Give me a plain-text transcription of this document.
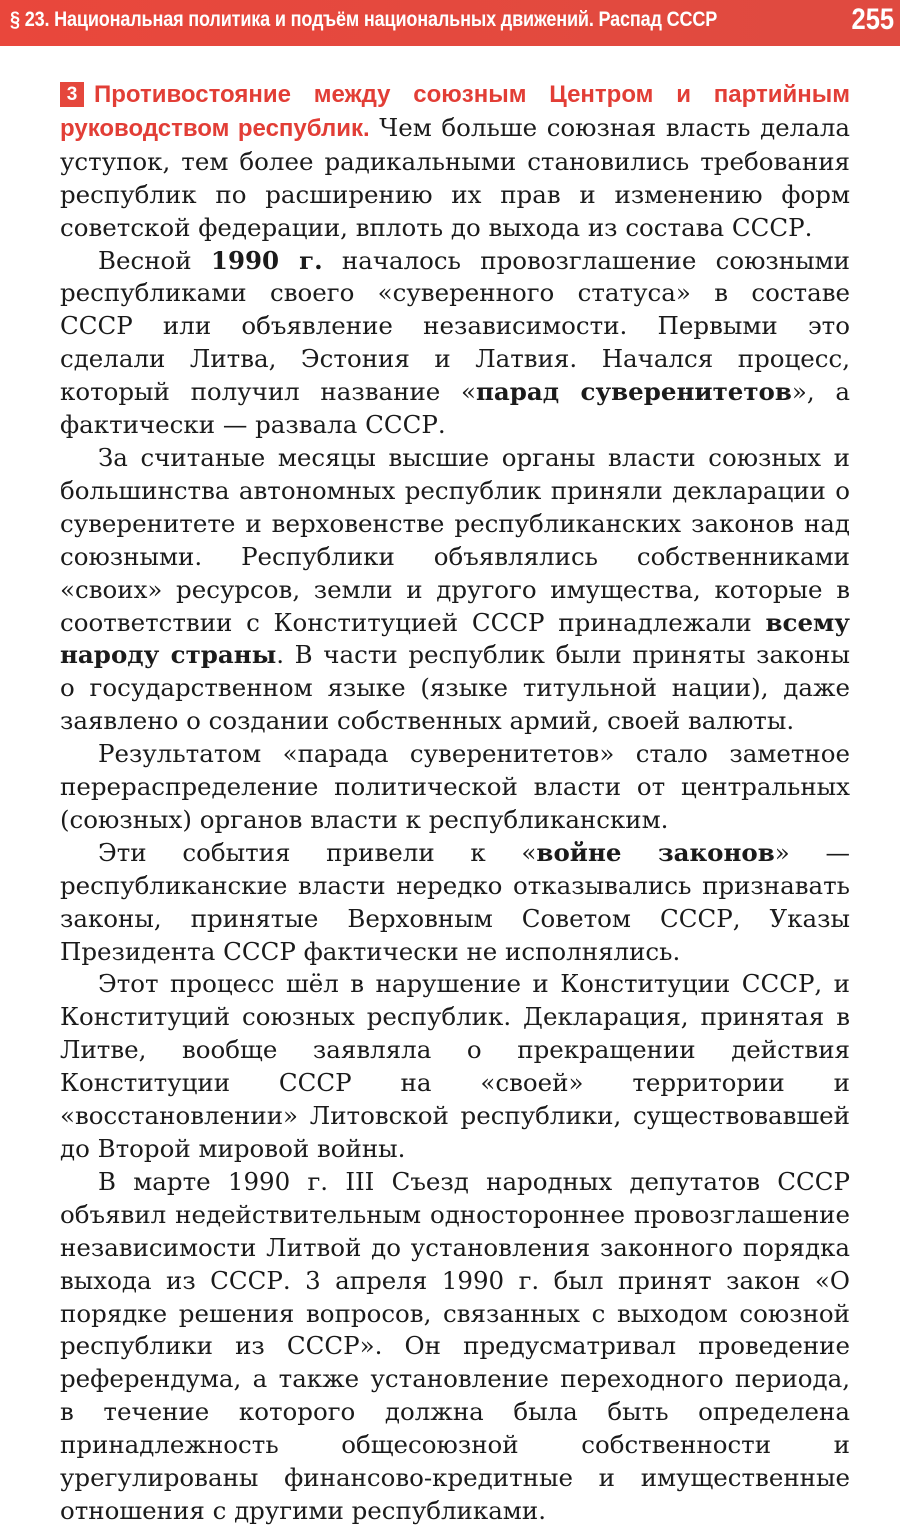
§ 23. Национальная политика и подъём национальных движений. Распад СССР	255

3 Противостояние между союзным Центром и партийным руководством республик. Чем больше союзная власть делала уступок, тем более радикальными становились требования республик по расширению их прав и изменению форм советской федерации, вплоть до выхода из состава СССР.

Весной 1990 г. началось провозглашение союзными республиками своего «суверенного статуса» в составе СССР или объявление независимости. Первыми это сделали Литва, Эстония и Латвия. Начался процесс, который получил название «парад суверенитетов», а фактически — развала СССР.

За считаные месяцы высшие органы власти союзных и большинства автономных республик приняли декларации о суверенитете и верховенстве республиканских законов над союзными. Республики объявлялись собственниками «своих» ресурсов, земли и другого имущества, которые в соответствии с Конституцией СССР принадлежали всему народу страны. В части республик были приняты законы о государственном языке (языке титульной нации), даже заявлено о создании собственных армий, своей валюты.

Результатом «парада суверенитетов» стало заметное перераспределение политической власти от центральных (союзных) органов власти к республиканским.

Эти события привели к «войне законов» — республиканские власти нередко отказывались признавать законы, принятые Верховным Советом СССР, Указы Президента СССР фактически не исполнялись.

Этот процесс шёл в нарушение и Конституции СССР, и Конституций союзных республик. Декларация, принятая в Литве, вообще заявляла о прекращении действия Конституции СССР на «своей» территории и «восстановлении» Литовской республики, существовавшей до Второй мировой войны.

В марте 1990 г. III Съезд народных депутатов СССР объявил недействительным одностороннее провозглашение независимости Литвой до установления законного порядка выхода из СССР. 3 апреля 1990 г. был принят закон «О порядке решения вопросов, связанных с выходом союзной республики из СССР». Он предусматривал проведение референдума, а также установление переходного периода, в течение которого должна была быть определена принадлежность общесоюзной собственности и урегулированы финансово-кредитные и имущественные отношения с другими республиками.
